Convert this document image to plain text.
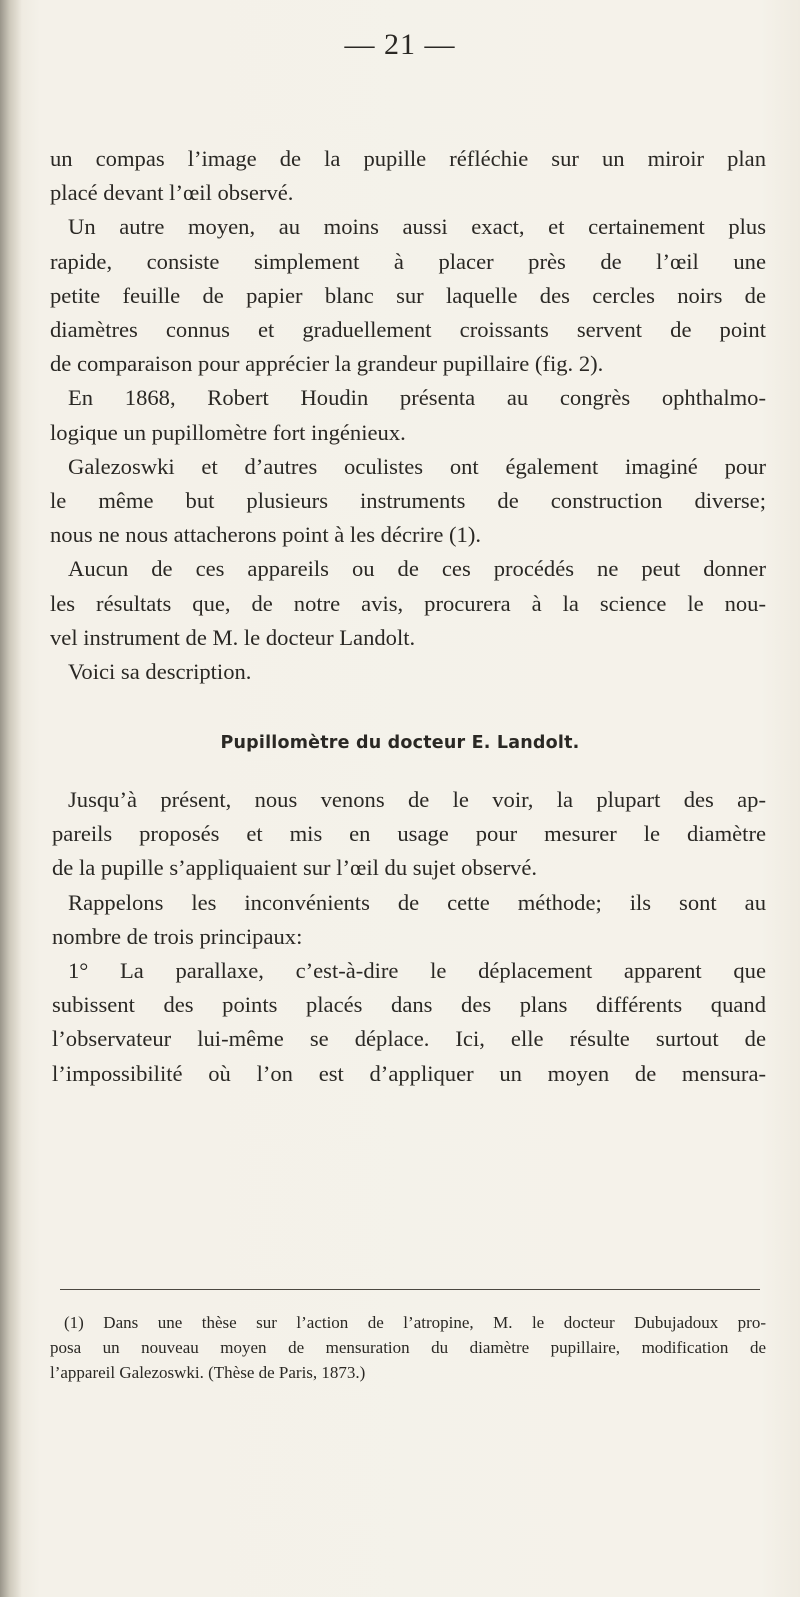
— 21 —
un compas l’image de la pupille réfléchie sur un miroir plan
placé devant l’œil observé.
Un autre moyen, au moins aussi exact, et certainement plus
rapide, consiste simplement à placer près de l’œil une
petite feuille de papier blanc sur laquelle des cercles noirs de
diamètres connus et graduellement croissants servent de point
de comparaison pour apprécier la grandeur pupillaire (fig. 2).
En 1868, Robert Houdin présenta au congrès ophthalmo-
logique un pupillomètre fort ingénieux.
Galezoswki et d’autres oculistes ont également imaginé pour
le même but plusieurs instruments de construction diverse;
nous ne nous attacherons point à les décrire (1).
Aucun de ces appareils ou de ces procédés ne peut donner
les résultats que, de notre avis, procurera à la science le nou-
vel instrument de M. le docteur Landolt.
Voici sa description.
Pupillomètre du docteur E. Landolt.
Jusqu’à présent, nous venons de le voir, la plupart des ap-
pareils proposés et mis en usage pour mesurer le diamètre
de la pupille s’appliquaient sur l’œil du sujet observé.
Rappelons les inconvénients de cette méthode; ils sont au
nombre de trois principaux:
1° La parallaxe, c’est-à-dire le déplacement apparent que
subissent des points placés dans des plans différents quand
l’observateur lui-même se déplace. Ici, elle résulte surtout de
l’impossibilité où l’on est d’appliquer un moyen de mensura-
(1) Dans une thèse sur l’action de l’atropine, M. le docteur Dubujadoux pro-
posa un nouveau moyen de mensuration du diamètre pupillaire, modification de
l’appareil Galezoswki. (Thèse de Paris, 1873.)
